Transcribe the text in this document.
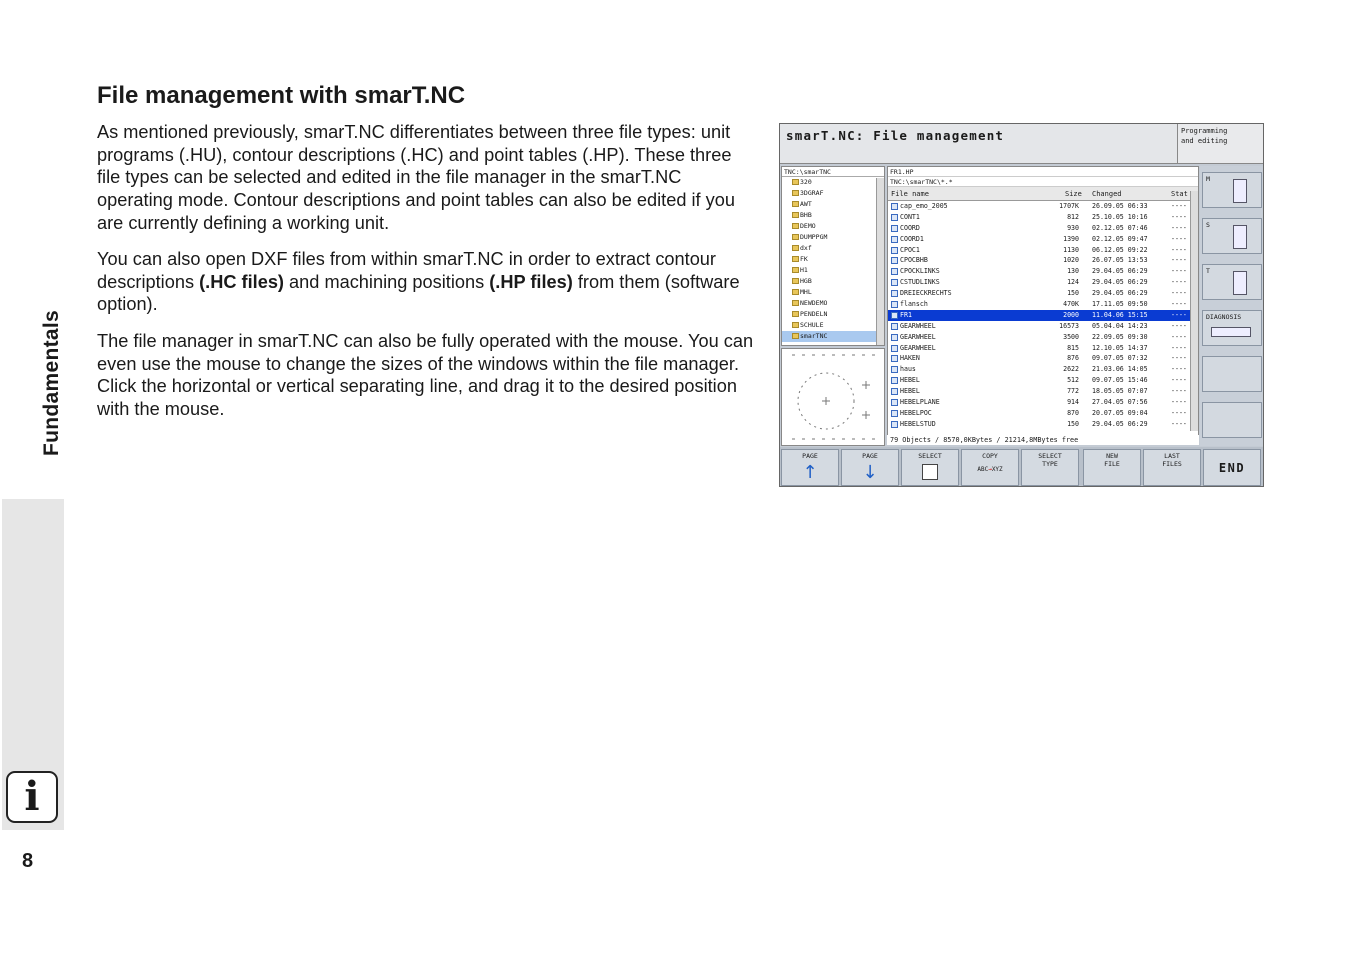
Fundamentals
i
8
File management with smarT.NC

As mentioned previously, smarT.NC differentiates between three file types: unit programs (.HU), contour descriptions (.HC) and point tables (.HP). These three file types can be selected and edited in the file manager in the smarT.NC operating mode. Contour descriptions and point tables can also be edited if you are currently defining a working unit.

You can also open DXF files from within smarT.NC in order to extract contour descriptions (.HC files) and machining positions (.HP files) from them (software option).

The file manager in smarT.NC can also be fully operated with the mouse. You can even use the mouse to change the sizes of the windows within the file manager. Click the horizontal or vertical separating line, and drag it to the desired position with the mouse.

smarT.NC: File management	Programming
and editing
TNC:\smarTNC
320
3DGRAF
AWT
BHB
DEMO
DUMPPGM
dxf
FK
H1
HGB
MHL
NEWDEMO
PENDELN
SCHULE
smarTNC
FR1.HP
TNC:\smarTNC\*.*
File name	Size Changed	Stat
cap_emo_2005	1707K 26.09.05 06:33	----
CONT1	812 25.10.05 10:16	----
COORD	930 02.12.05 07:46	----
COORD1	1390 02.12.05 09:47	----
CPOC1	1130 06.12.05 09:22	----
CPOCBHB	1020 26.07.05 13:53	----
CPOCKLINKS	130 29.04.05 06:29	----
CSTUDLINKS	124 29.04.05 06:29	----
DREIECKRECHTS	150 29.04.05 06:29	----
flansch	470K 17.11.05 09:50	----
FR1	2000 11.04.06 15:15	----
GEARWHEEL	16573 05.04.04 14:23	----
GEARWHEEL	3500 22.09.05 09:30	----
GEARWHEEL	815 12.10.05 14:37	----
HAKEN	876 09.07.05 07:32	----
haus	2622 21.03.06 14:05	----
HEBEL	512 09.07.05 15:46	----
HEBEL	772 18.05.05 07:07	----
HEBELPLANE	914 27.04.05 07:56	----
HEBELPOC	870 20.07.05 09:04	----
HEBELSTUD	150 29.04.05 06:29	----
79 Objects / 8570,0KBytes / 21214,8MBytes free
M
S
T
DIAGNOSIS
PAGE
↑
PAGE
↓
SELECT	COPY
ABC→XYZ
SELECT
TYPE
NEW
FILE
LAST
FILES	END
